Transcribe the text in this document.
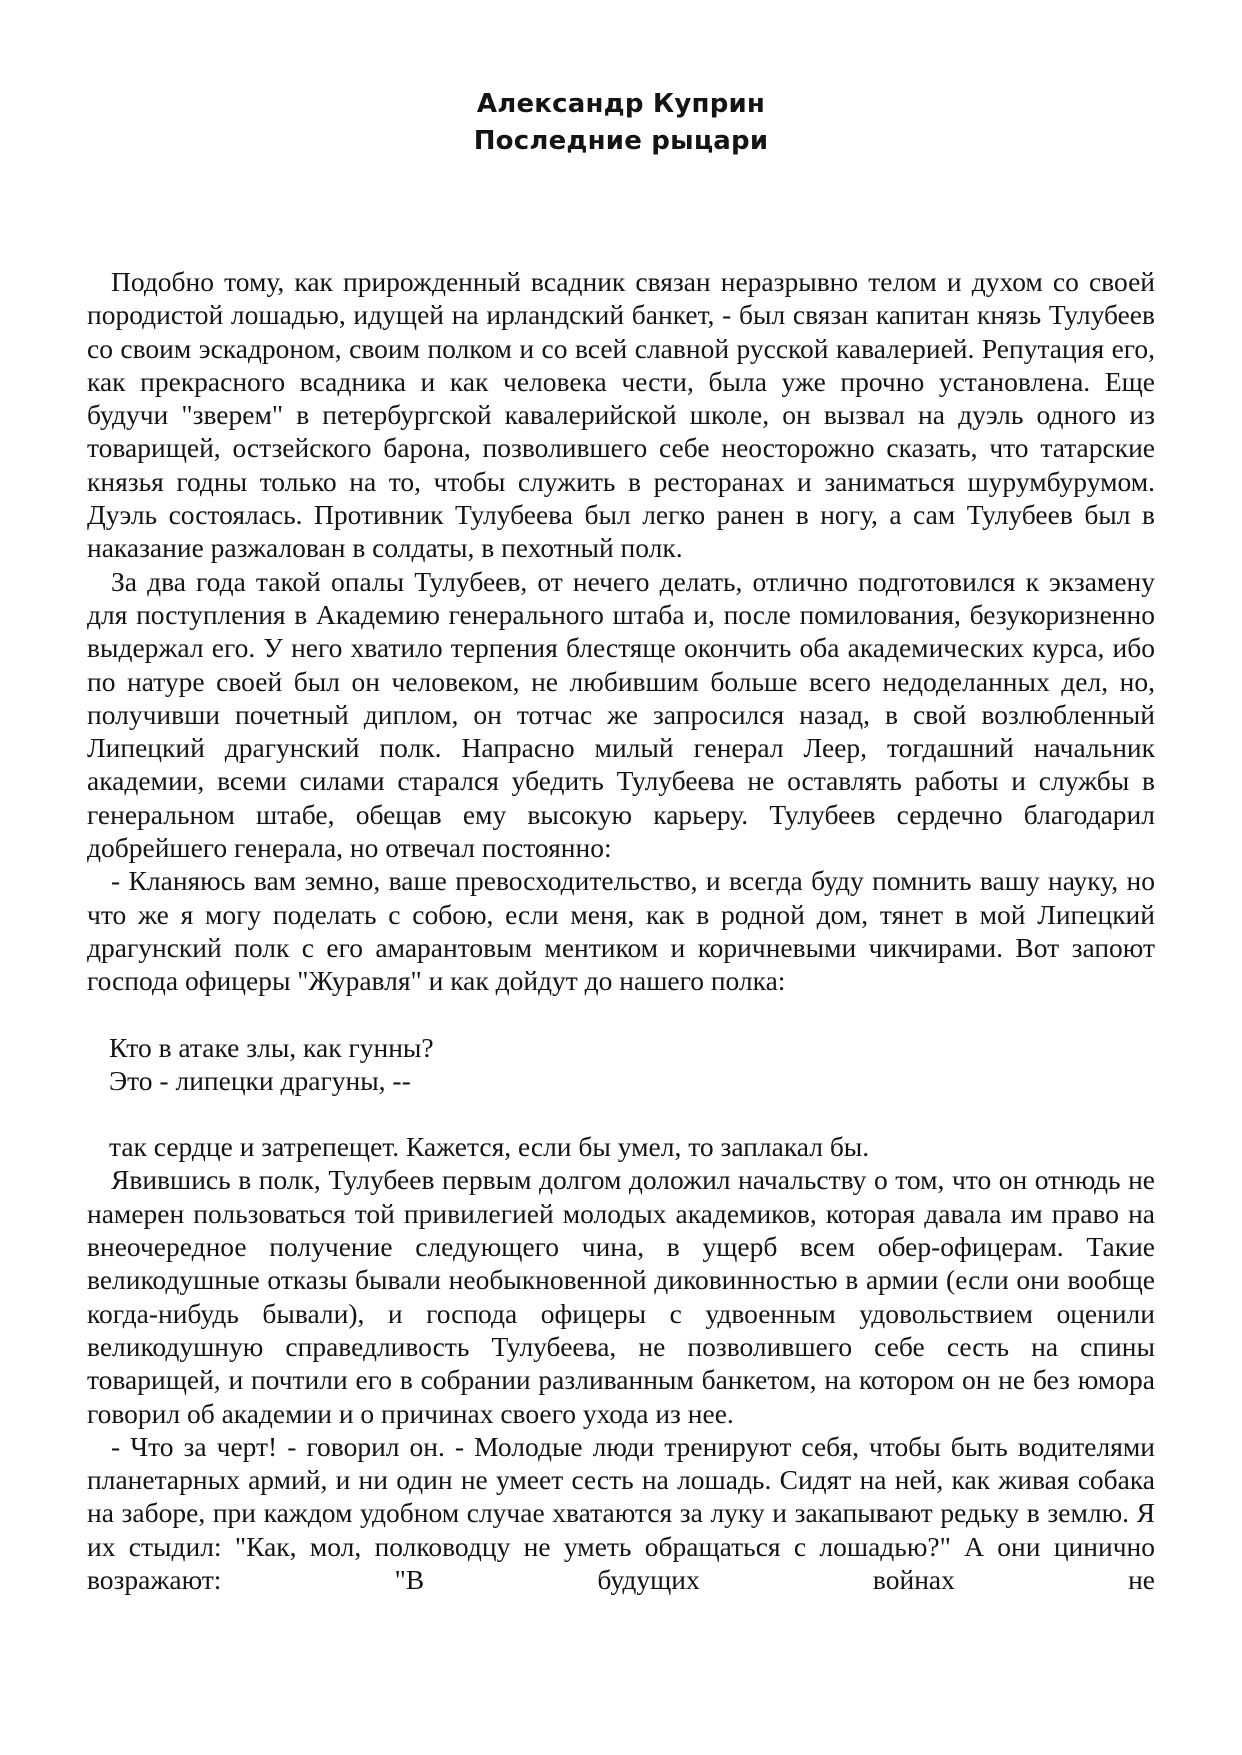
Александр Куприн
Последние рыцари

Подобно тому, как прирожденный всадник связан неразрывно телом и духом со своей породистой лошадью, идущей на ирландский банкет, - был связан капитан князь Тулубеев со своим эскадроном, своим полком и со всей славной русской кавалерией. Репутация его, как прекрасного всадника и как человека чести, была уже прочно установлена. Еще будучи "зверем" в петербургской кавалерийской школе, он вызвал на дуэль одного из товарищей, остзейского барона, позволившего себе неосторожно сказать, что татарские князья годны только на то, чтобы служить в ресторанах и заниматься шурумбурумом. Дуэль состоялась. Противник Тулубеева был легко ранен в ногу, а сам Тулубеев был в наказание разжалован в солдаты, в пехотный полк.

За два года такой опалы Тулубеев, от нечего делать, отлично подготовился к экзамену для поступления в Академию генерального штаба и, после помилования, безукоризненно выдержал его. У него хватило терпения блестяще окончить оба академических курса, ибо по натуре своей был он человеком, не любившим больше всего недоделанных дел, но, получивши почетный диплом, он тотчас же запросился назад, в свой возлюбленный Липецкий драгунский полк. Напрасно милый генерал Леер, тогдашний начальник академии, всеми силами старался убедить Тулубеева не оставлять работы и службы в генеральном штабе, обещав ему высокую карьеру. Тулубеев сердечно благодарил добрейшего генерала, но отвечал постоянно:

- Кланяюсь вам земно, ваше превосходительство, и всегда буду помнить вашу науку, но что же я могу поделать с собою, если меня, как в родной дом, тянет в мой Липецкий драгунский полк с его амарантовым ментиком и коричневыми чикчирами. Вот запоют господа офицеры "Журавля" и как дойдут до нашего полка:

Кто в атаке злы, как гунны?
Это - липецки драгуны, --
так сердце и затрепещет. Кажется, если бы умел, то заплакал бы.

Явившись в полк, Тулубеев первым долгом доложил начальству о том, что он отнюдь не намерен пользоваться той привилегией молодых академиков, которая давала им право на внеочередное получение следующего чина, в ущерб всем обер-офицерам. Такие великодушные отказы бывали необыкновенной диковинностью в армии (если они вообще когда-нибудь бывали), и господа офицеры с удвоенным удовольствием оценили великодушную справедливость Тулубеева, не позволившего себе сесть на спины товарищей, и почтили его в собрании разливанным банкетом, на котором он не без юмора говорил об академии и о причинах своего ухода из нее.

- Что за черт! - говорил он. - Молодые люди тренируют себя, чтобы быть водителями планетарных армий, и ни один не умеет сесть на лошадь. Сидят на ней, как живая собака на заборе, при каждом удобном случае хватаются за луку и закапывают редьку в землю. Я их стыдил: "Как, мол, полководцу не уметь обращаться с лошадью?" А они цинично возражают: "В будущих войнах не
